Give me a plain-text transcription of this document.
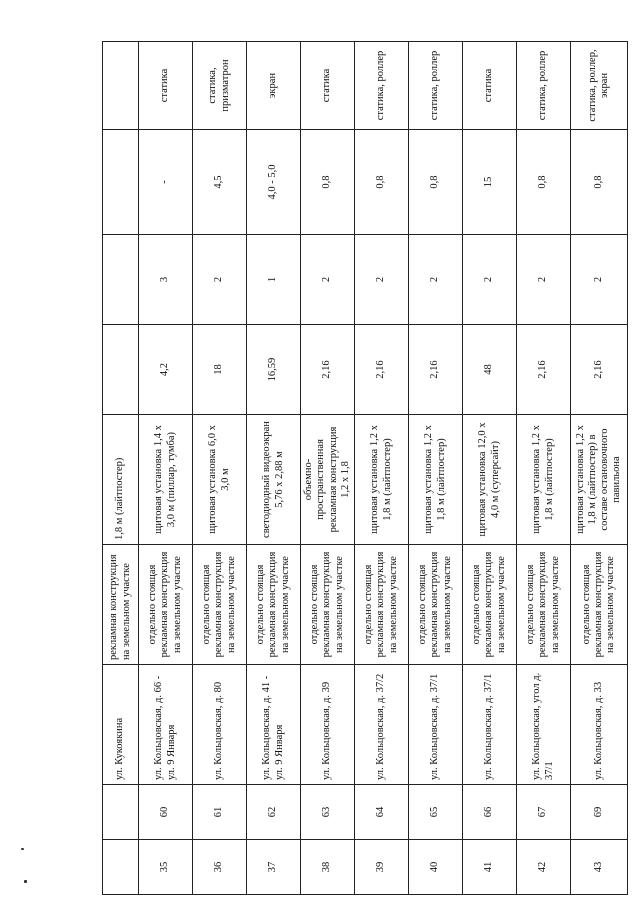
		ул. Кукоякина	рекламная конструкция на земельном участке	1,8 м (лайтпостер)				
35	60	ул. Кольцовская, д. 66 - ул. 9 Января	отдельно стоящая рекламная конструкция на земельном участке	щитовая установка 1,4 х 3,0 м (пиллар, тумба)	4,2	3	-	статика
36	61	ул. Кольцовская, д. 80	отдельно стоящая рекламная конструкция на земельном участке	щитовая установка 6,0 х 3,0 м	18	2	4,5	статика, призматрон
37	62	ул. Кольцовская, д. 41 - ул. 9 Января	отдельно стоящая рекламная конструкция на земельном участке	светодиодный видеоэкран 5,76 х 2,88 м	16,59	1	4,0 - 5,0	экран
38	63	ул. Кольцовская, д. 39	отдельно стоящая рекламная конструкция на земельном участке	объемно-пространственная рекламная конструкция 1,2 х 1,8	2,16	2	0,8	статика
39	64	ул. Кольцовская, д. 37/2	отдельно стоящая рекламная конструкция на земельном участке	щитовая установка 1,2 х 1,8 м (лайтпостер)	2,16	2	0,8	статика, роллер
40	65	ул. Кольцовская, д. 37/1	отдельно стоящая рекламная конструкция на земельном участке	щитовая установка 1,2 х 1,8 м (лайтпостер)	2,16	2	0,8	статика, роллер
41	66	ул. Кольцовская, д. 37/1	отдельно стоящая рекламная конструкция на земельном участке	щитовая установка 12,0 х 4,0 м (суперсайт)	48	2	15	статика
42	67	ул. Кольцовская, угол д. 37/1	отдельно стоящая рекламная конструкция на земельном участке	щитовая установка 1,2 х 1,8 м (лайтпостер)	2,16	2	0,8	статика, роллер
43	69	ул. Кольцовская, д. 33	отдельно стоящая рекламная конструкция на земельном участке	щитовая установка 1,2 х 1,8 м (лайтпостер) в составе остановочного павильона	2,16	2	0,8	статика, роллер, экран
